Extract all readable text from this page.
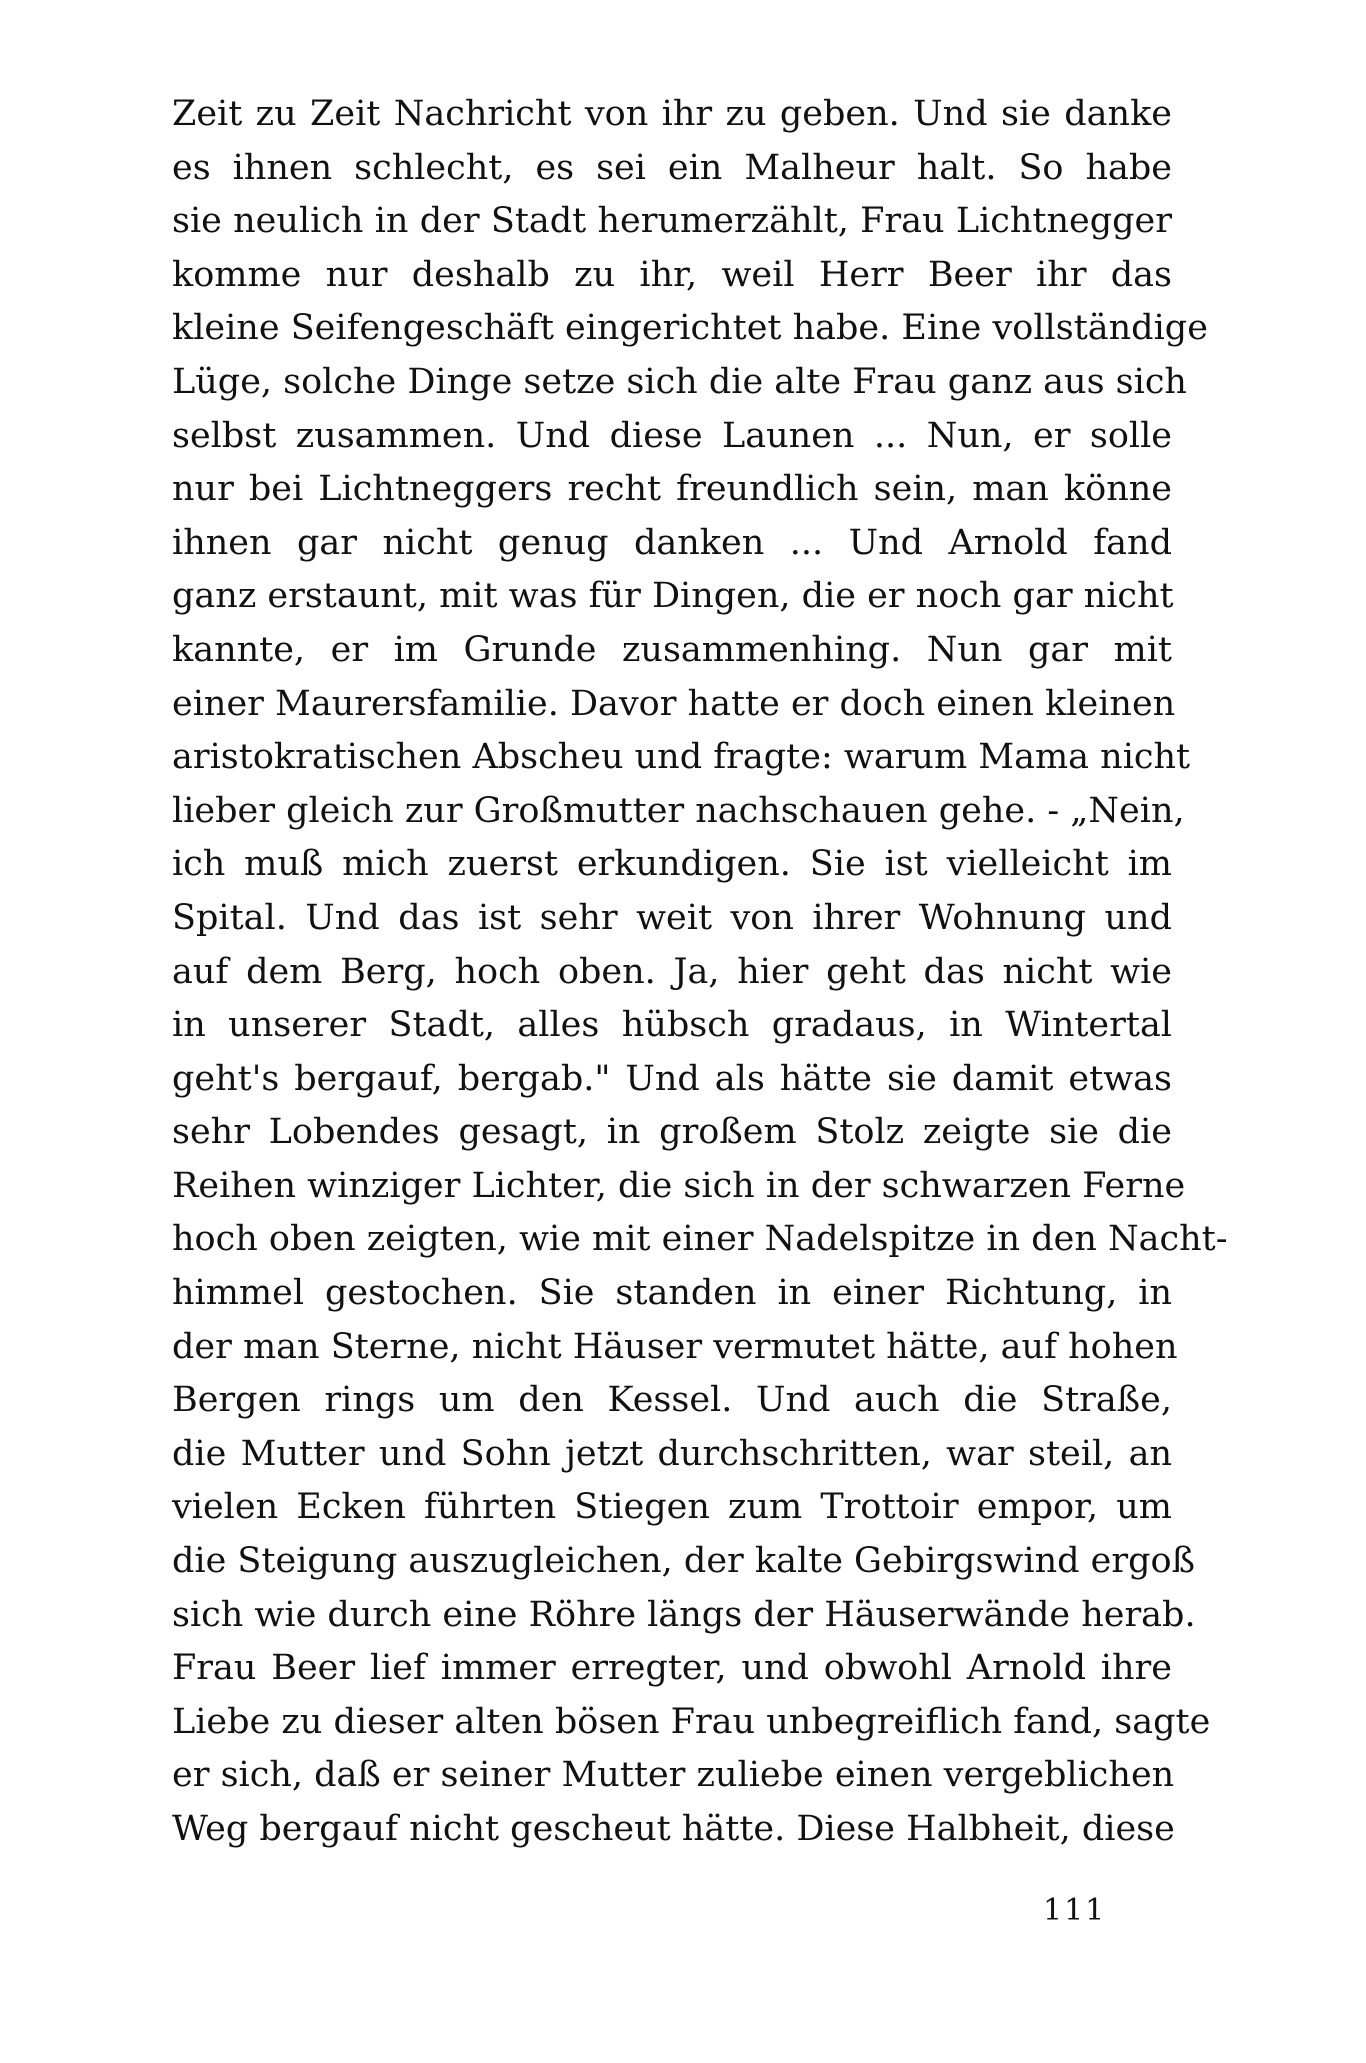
Zeit zu Zeit Nachricht von ihr zu geben. Und sie danke
es ihnen schlecht, es sei ein Malheur halt. So habe
sie neulich in der Stadt herumerzählt, Frau Lichtnegger
komme nur deshalb zu ihr, weil Herr Beer ihr das
kleine Seifengeschäft eingerichtet habe. Eine vollständige
Lüge, solche Dinge setze sich die alte Frau ganz aus sich
selbst zusammen. Und diese Launen ... Nun, er solle
nur bei Lichtneggers recht freundlich sein, man könne
ihnen gar nicht genug danken ... Und Arnold fand
ganz erstaunt, mit was für Dingen, die er noch gar nicht
kannte, er im Grunde zusammenhing. Nun gar mit
einer Maurersfamilie. Davor hatte er doch einen kleinen
aristokratischen Abscheu und fragte: warum Mama nicht
lieber gleich zur Großmutter nachschauen gehe. - „Nein,
ich muß mich zuerst erkundigen. Sie ist vielleicht im
Spital. Und das ist sehr weit von ihrer Wohnung und
auf dem Berg, hoch oben. Ja, hier geht das nicht wie
in unserer Stadt, alles hübsch gradaus, in Wintertal
geht's bergauf, bergab." Und als hätte sie damit etwas
sehr Lobendes gesagt, in großem Stolz zeigte sie die
Reihen winziger Lichter, die sich in der schwarzen Ferne
hoch oben zeigten, wie mit einer Nadelspitze in den Nacht-
himmel gestochen. Sie standen in einer Richtung, in
der man Sterne, nicht Häuser vermutet hätte, auf hohen
Bergen rings um den Kessel. Und auch die Straße,
die Mutter und Sohn jetzt durchschritten, war steil, an
vielen Ecken führten Stiegen zum Trottoir empor, um
die Steigung auszugleichen, der kalte Gebirgswind ergoß
sich wie durch eine Röhre längs der Häuserwände herab.
Frau Beer lief immer erregter, und obwohl Arnold ihre
Liebe zu dieser alten bösen Frau unbegreiflich fand, sagte
er sich, daß er seiner Mutter zuliebe einen vergeblichen
Weg bergauf nicht gescheut hätte. Diese Halbheit, diese
111
